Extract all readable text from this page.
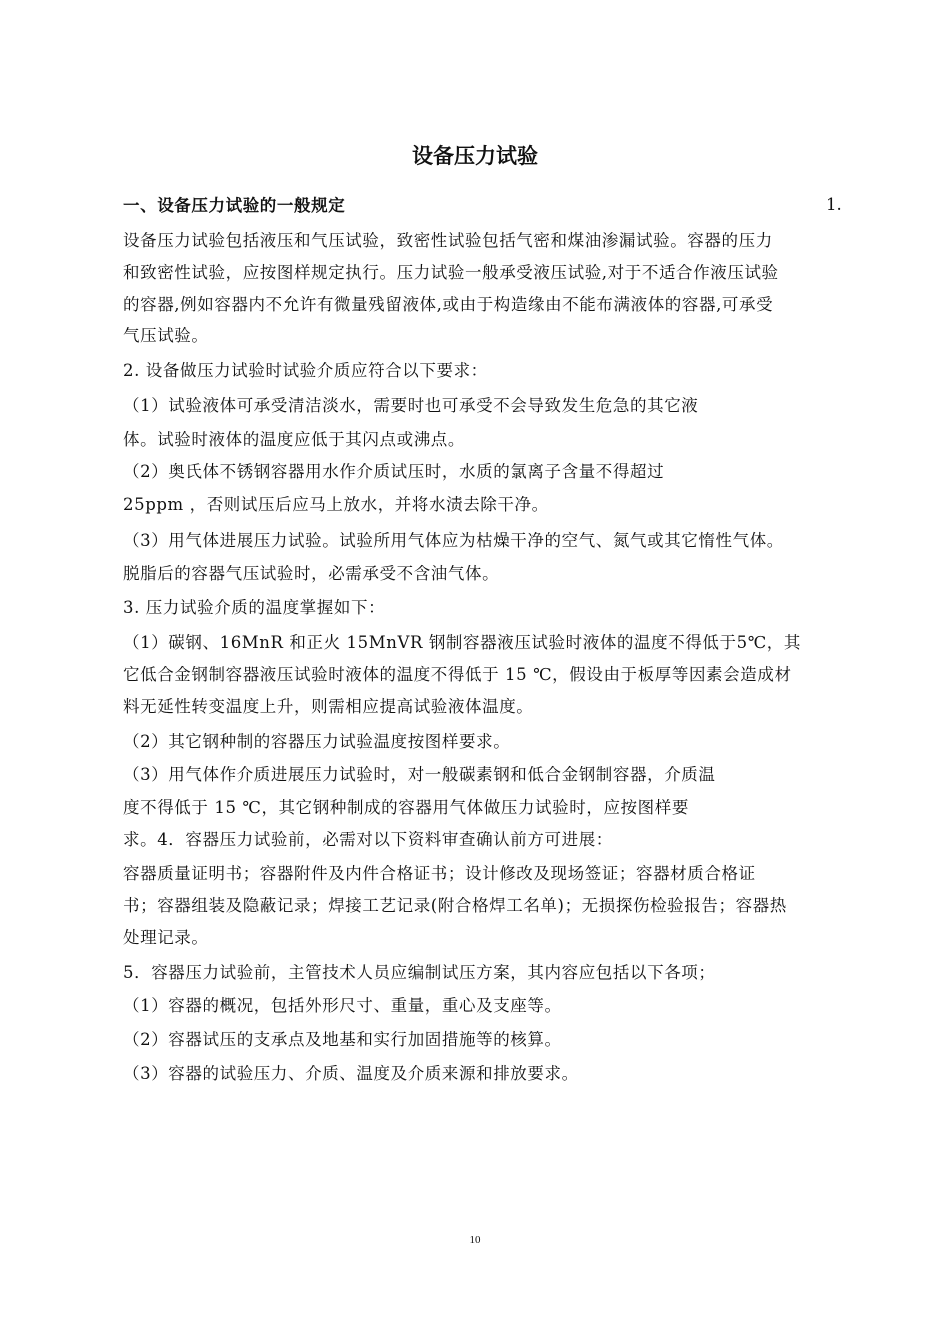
设备压力试验
一、设备压力试验的一般规定	1.
设备压力试验包括液压和气压试验，致密性试验包括气密和煤油渗漏试验。容器的压力
和致密性试验，应按图样规定执行。压力试验一般承受液压试验,对于不适合作液压试验
的容器,例如容器内不允许有微量残留液体,或由于构造缘由不能布满液体的容器,可承受
气压试验。
2. 设备做压力试验时试验介质应符合以下要求：
（1）试验液体可承受清洁淡水，需要时也可承受不会导致发生危急的其它液
体。试验时液体的温度应低于其闪点或沸点。
（2）奥氏体不锈钢容器用水作介质试压时，水质的氯离子含量不得超过
25ppm ，否则试压后应马上放水，并将水渍去除干净。
（3）用气体进展压力试验。试验所用气体应为枯燥干净的空气、氮气或其它惰性气体。
脱脂后的容器气压试验时，必需承受不含油气体。
3. 压力试验介质的温度掌握如下：
（1）碳钢、16MnR 和正火 15MnVR 钢制容器液压试验时液体的温度不得低于5℃，其
它低合金钢制容器液压试验时液体的温度不得低于 15 ℃，假设由于板厚等因素会造成材
料无延性转变温度上升，则需相应提高试验液体温度。
（2）其它钢种制的容器压力试验温度按图样要求。
（3）用气体作介质进展压力试验时，对一般碳素钢和低合金钢制容器，介质温
度不得低于 15 ℃，其它钢种制成的容器用气体做压力试验时，应按图样要
求。4．容器压力试验前，必需对以下资料审查确认前方可进展：
容器质量证明书；容器附件及内件合格证书；设计修改及现场签证；容器材质合格证
书；容器组装及隐蔽记录；焊接工艺记录(附合格焊工名单)；无损探伤检验报告；容器热
处理记录。
5．容器压力试验前，主管技术人员应编制试压方案，其内容应包括以下各项；
（1）容器的概况，包括外形尺寸、重量，重心及支座等。
（2）容器试压的支承点及地基和实行加固措施等的核算。
（3）容器的试验压力、介质、温度及介质来源和排放要求。
10
